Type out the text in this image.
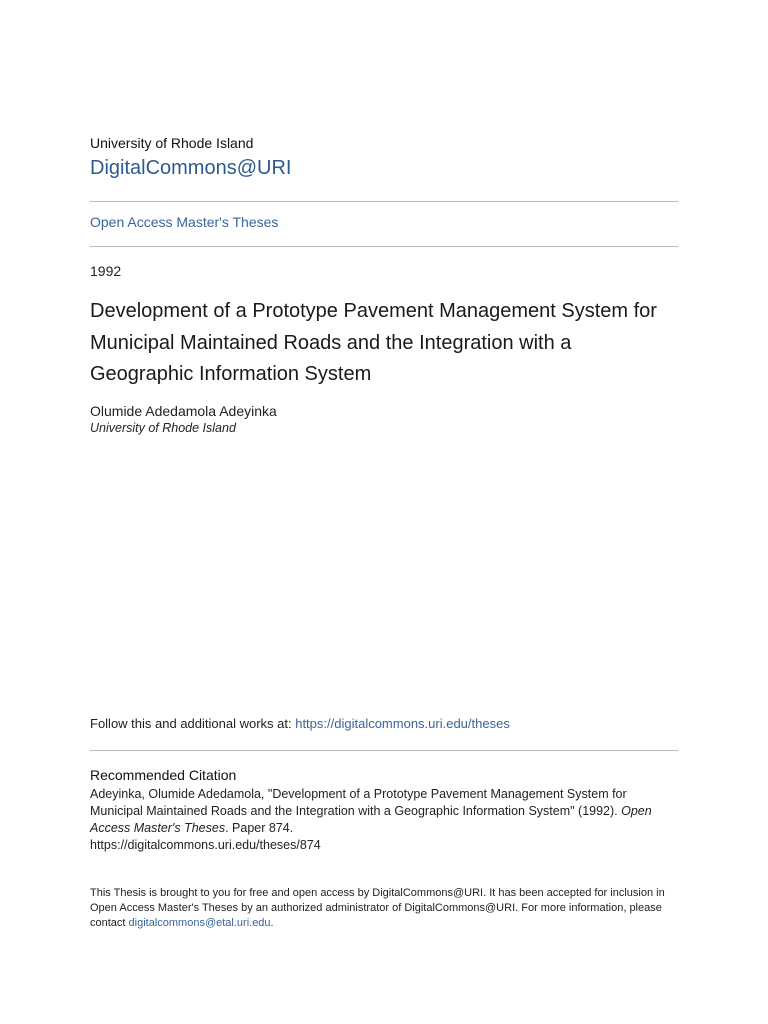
University of Rhode Island
DigitalCommons@URI
Open Access Master's Theses
1992
Development of a Prototype Pavement Management System for Municipal Maintained Roads and the Integration with a Geographic Information System
Olumide Adedamola Adeyinka
University of Rhode Island
Follow this and additional works at: https://digitalcommons.uri.edu/theses
Recommended Citation
Adeyinka, Olumide Adedamola, "Development of a Prototype Pavement Management System for Municipal Maintained Roads and the Integration with a Geographic Information System" (1992). Open Access Master's Theses. Paper 874.
https://digitalcommons.uri.edu/theses/874
This Thesis is brought to you for free and open access by DigitalCommons@URI. It has been accepted for inclusion in Open Access Master's Theses by an authorized administrator of DigitalCommons@URI. For more information, please contact digitalcommons@etal.uri.edu.
